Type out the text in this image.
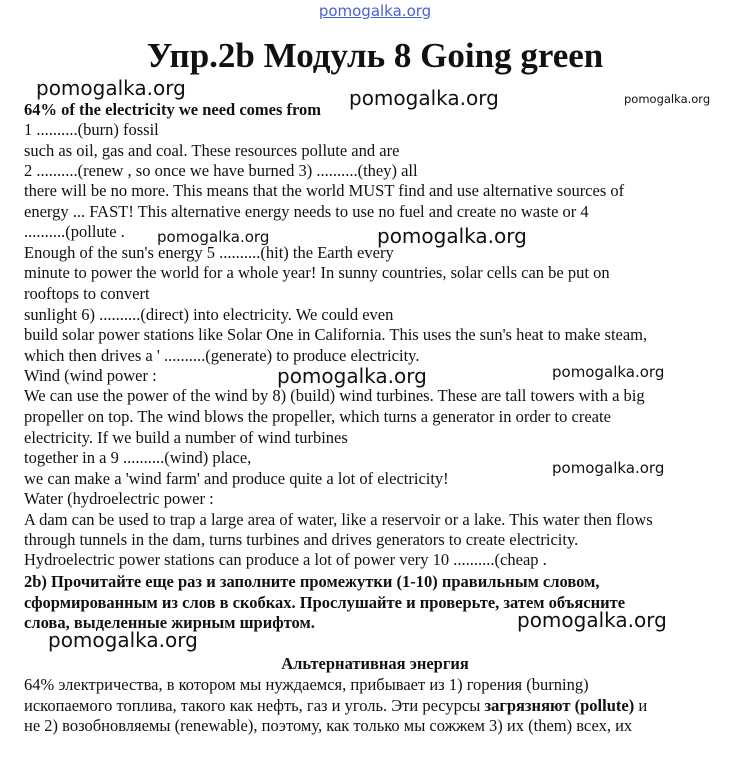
pomogalka.org
Упр.2b Модуль 8 Going green
64% of the electricity we need comes from
1 ..........(burn) fossil
such as oil, gas and coal. These resources pollute and are
2 ..........(renew , so once we have burned 3) ..........(they) all
there will be no more. This means that the world MUST find and use alternative sources of
energy ... FAST! This alternative energy needs to use no fuel and create no waste or 4
..........(pollute .
Enough of the sun's energy 5 ..........(hit) the Earth every
minute to power the world for a whole year! In sunny countries, solar cells can be put on
rooftops to convert
sunlight 6) ..........(direct) into electricity. We could even
build solar power stations like Solar One in California. This uses the sun's heat to make steam,
which then drives a ' ..........(generate) to produce electricity.
Wind (wind power :
We can use the power of the wind by 8) (build) wind turbines. These are tall towers with a big
propeller on top. The wind blows the propeller, which turns a generator in order to create
electricity. If we build a number of wind turbines
together in a 9 ..........(wind) place,
we can make a 'wind farm' and produce quite a lot of electricity!
Water (hydroelectric power :
A dam can be used to trap a large area of water, like a reservoir or a lake. This water then flows
through tunnels in the dam, turns turbines and drives generators to create electricity.
Hydroelectric power stations can produce a lot of power very 10 ..........(cheap .
2b) Прочитайте еще раз и заполните промежутки (1-10) правильным словом,
сформированным из слов в скобках. Прослушайте и проверьте, затем объясните
слова, выделенные жирным шрифтом.
Альтернативная энергия
64% электричества, в котором мы нуждаемся, прибывает из 1) горения (burning)
ископаемого топлива, такого как нефть, газ и уголь. Эти ресурсы загрязняют (pollute) и
не 2) возобновляемы (renewable), поэтому, как только мы сожжем 3) их (them) всех, их
pomogalka.org	pomogalka.org	pomogalka.org
pomogalka.org	pomogalka.org
pomogalka.org	pomogalka.org
pomogalka.org
pomogalka.org
pomogalka.org
